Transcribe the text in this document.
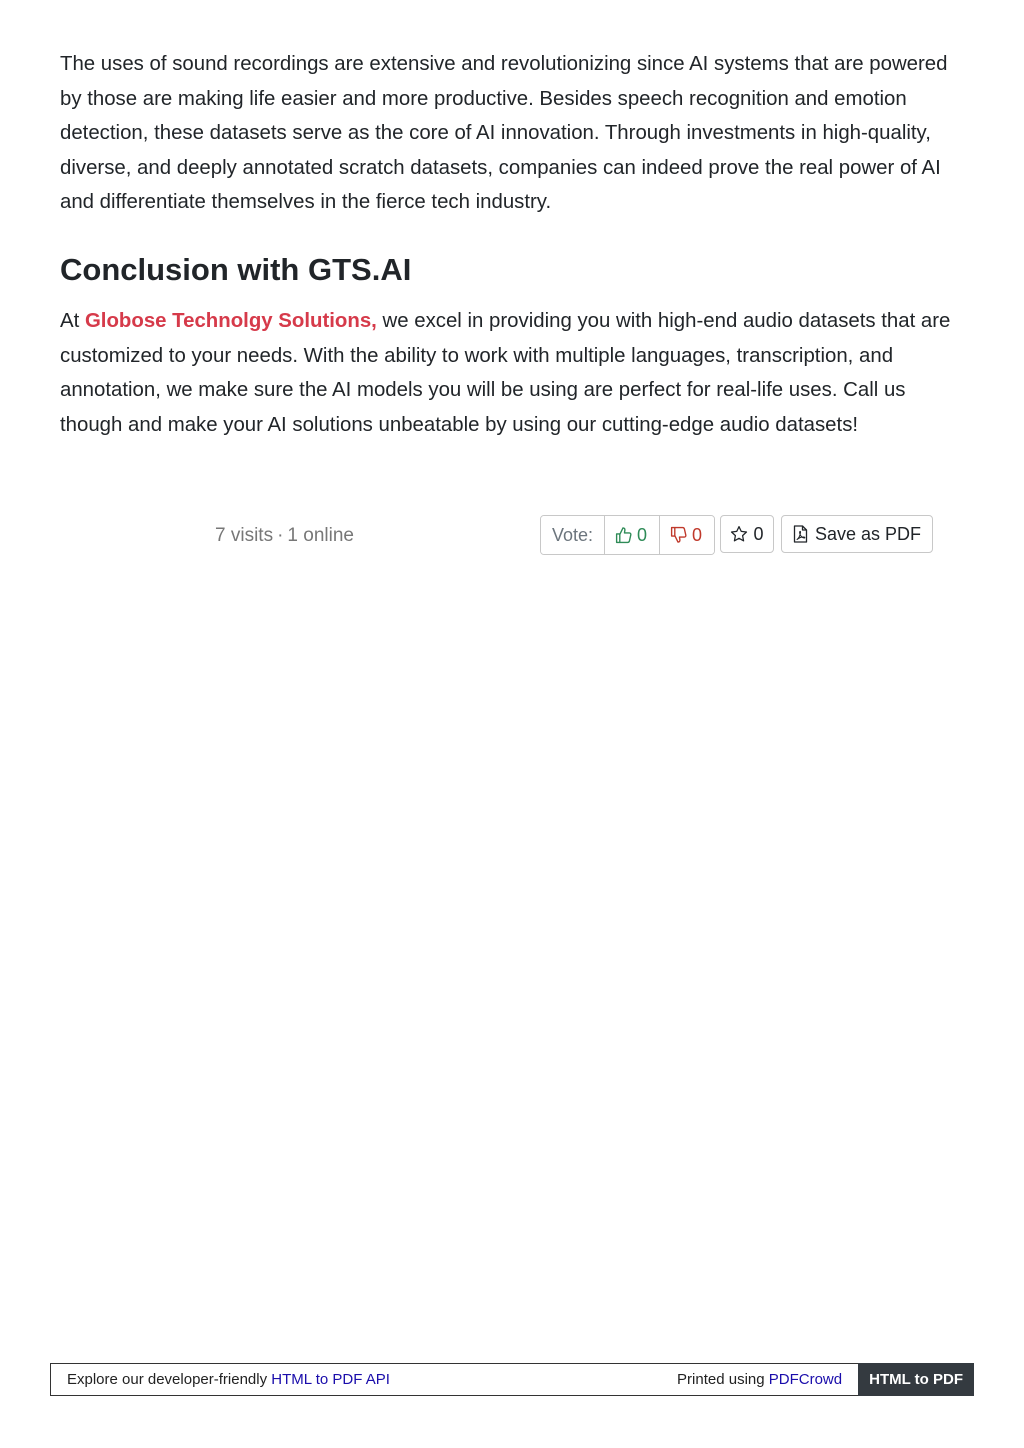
The uses of sound recordings are extensive and revolutionizing since AI systems that are powered by those are making life easier and more productive. Besides speech recognition and emotion detection, these datasets serve as the core of AI innovation. Through investments in high-quality, diverse, and deeply annotated scratch datasets, companies can indeed prove the real power of AI and differentiate themselves in the fierce tech industry.

Conclusion with GTS.AI

At Globose Technolgy Solutions, we excel in providing you with high-end audio datasets that are customized to your needs. With the ability to work with multiple languages, transcription, and annotation, we make sure the AI models you will be using are perfect for real-life uses. Call us though and make your AI solutions unbeatable by using our cutting-edge audio datasets!

7 visits · 1 online	Vote:	0 0	0	Save as PDF
Explore our developer-friendly HTML to PDF API	Printed using PDFCrowd	HTML to PDF
